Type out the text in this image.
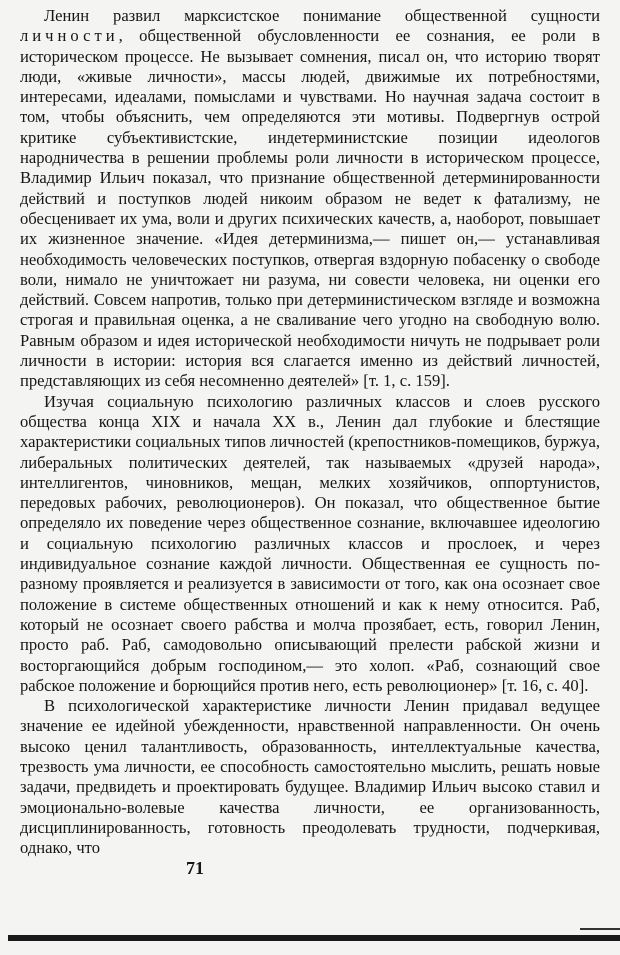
Ленин развил марксистское понимание общественной сущности личности, общественной обусловленности ее сознания, ее роли в историческом процессе. Не вызывает сомнения, писал он, что историю творят люди, «живые личности», массы людей, движимые их потребностями, интересами, идеалами, помыслами и чувствами. Но научная задача состоит в том, чтобы объяснить, чем определяются эти мотивы. Подвергнув острой критике субъективистские, индетерминистские позиции идеологов народничества в решении проблемы роли личности в историческом процессе, Владимир Ильич показал, что признание общественной детерминированности действий и поступков людей никоим образом не ведет к фатализму, не обесценивает их ума, воли и других психических качеств, а, наоборот, повышает их жизненное значение. «Идея детерминизма,— пишет он,— устанавливая необходимость человеческих поступков, отвергая вздорную побасенку о свободе воли, нимало не уничтожает ни разума, ни совести человека, ни оценки его действий. Совсем напротив, только при детерминистическом взгляде и возможна строгая и правильная оценка, а не сваливание чего угодно на свободную волю. Равным образом и идея исторической необходимости ничуть не подрывает роли личности в истории: история вся слагается именно из действий личностей, представляющих из себя несомненно деятелей» [т. 1, с. 159].

Изучая социальную психологию различных классов и слоев русского общества конца XIX и начала XX в., Ленин дал глубокие и блестящие характеристики социальных типов личностей (крепостников-помещиков, буржуа, либеральных политических деятелей, так называемых «друзей народа», интеллигентов, чиновников, мещан, мелких хозяйчиков, оппортунистов, передовых рабочих, революционеров). Он показал, что общественное бытие определяло их поведение через общественное сознание, включавшее идеологию и социальную психологию различных классов и прослоек, и через индивидуальное сознание каждой личности. Общественная ее сущность по-разному проявляется и реализуется в зависимости от того, как она осознает свое положение в системе общественных отношений и как к нему относится. Раб, который не осознает своего рабства и молча прозябает, есть, говорил Ленин, просто раб. Раб, самодовольно описывающий прелести рабской жизни и восторгающийся добрым господином,— это холоп. «Раб, сознающий свое рабское положение и борющийся против него, есть революционер» [т. 16, с. 40].

В психологической характеристике личности Ленин придавал ведущее значение ее идейной убежденности, нравственной направленности. Он очень высоко ценил талантливость, образованность, интеллектуальные качества, трезвость ума личности, ее способность самостоятельно мыслить, решать новые задачи, предвидеть и проектировать будущее. Владимир Ильич высоко ставил и эмоционально-волевые качества личности, ее организованность, дисциплинированность, готовность преодолевать трудности, подчеркивая, однако, что

71
